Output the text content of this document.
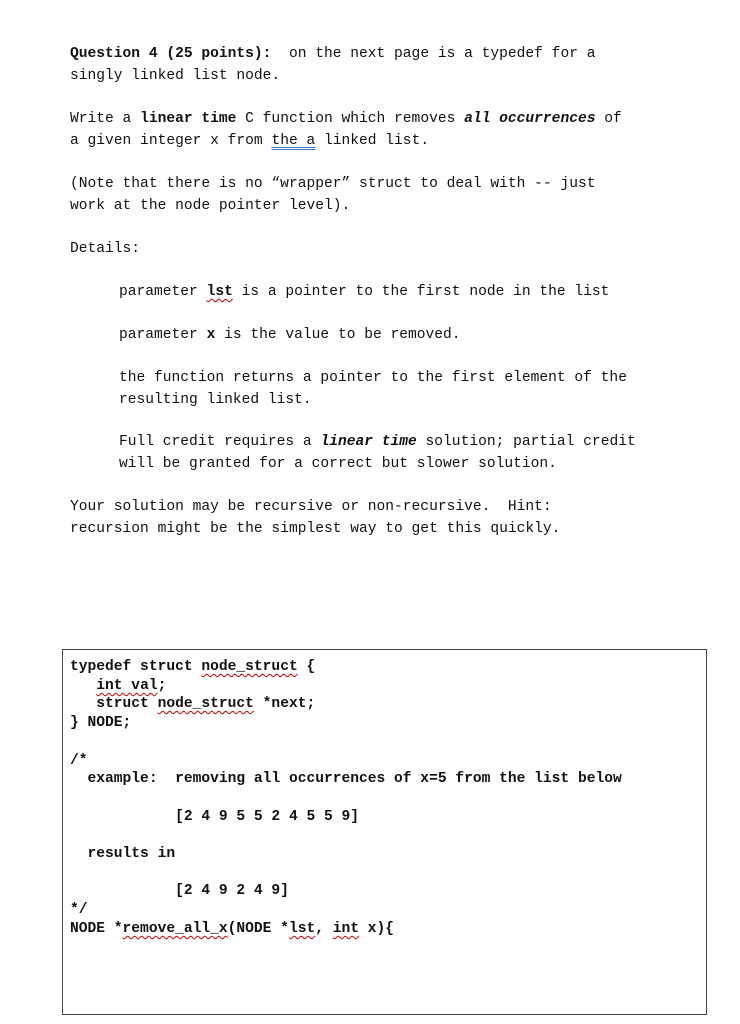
Question 4 (25 points):  on the next page is a typedef for a
singly linked list node.
Write a linear time C function which removes all occurrences of
a given integer x from the a linked list.
(Note that there is no “wrapper” struct to deal with -- just
work at the node pointer level).
Details:
parameter lst is a pointer to the first node in the list
parameter x is the value to be removed.
the function returns a pointer to the first element of the
resulting linked list.
Full credit requires a linear time solution; partial credit
will be granted for a correct but slower solution.
Your solution may be recursive or non-recursive.  Hint:
recursion might be the simplest way to get this quickly.
typedef struct node_struct {
int val;
struct node_struct *next;
} NODE;
/*
example:  removing all occurrences of x=5 from the list below
[2 4 9 5 5 2 4 5 5 9]
results in
[2 4 9 2 4 9]
*/
NODE *remove_all_x(NODE *lst, int x){
